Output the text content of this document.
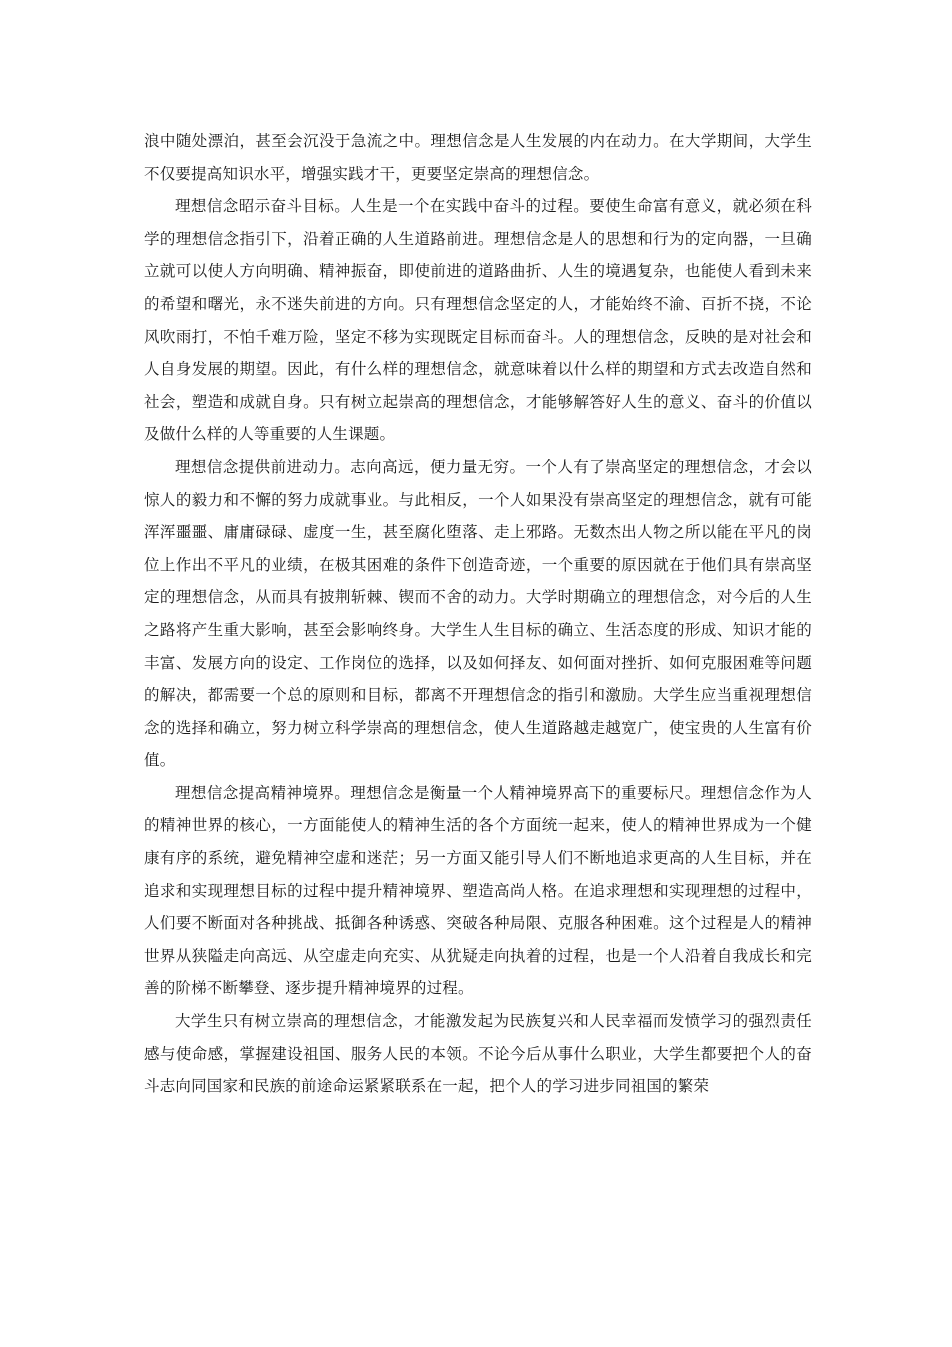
浪中随处漂泊，甚至会沉没于急流之中。理想信念是人生发展的内在动力。在大学期间，大学生不仅要提高知识水平，增强实践才干，更要坚定崇高的理想信念。

理想信念昭示奋斗目标。人生是一个在实践中奋斗的过程。要使生命富有意义，就必须在科学的理想信念指引下，沿着正确的人生道路前进。理想信念是人的思想和行为的定向器，一旦确立就可以使人方向明确、精神振奋，即使前进的道路曲折、人生的境遇复杂，也能使人看到未来的希望和曙光，永不迷失前进的方向。只有理想信念坚定的人，才能始终不渝、百折不挠，不论风吹雨打，不怕千难万险，坚定不移为实现既定目标而奋斗。人的理想信念，反映的是对社会和人自身发展的期望。因此，有什么样的理想信念，就意味着以什么样的期望和方式去改造自然和社会，塑造和成就自身。只有树立起崇高的理想信念，才能够解答好人生的意义、奋斗的价值以及做什么样的人等重要的人生课题。

理想信念提供前进动力。志向高远，便力量无穷。一个人有了崇高坚定的理想信念，才会以惊人的毅力和不懈的努力成就事业。与此相反，一个人如果没有崇高坚定的理想信念，就有可能浑浑噩噩、庸庸碌碌、虚度一生，甚至腐化堕落、走上邪路。无数杰出人物之所以能在平凡的岗位上作出不平凡的业绩，在极其困难的条件下创造奇迹，一个重要的原因就在于他们具有崇高坚定的理想信念，从而具有披荆斩棘、锲而不舍的动力。大学时期确立的理想信念，对今后的人生之路将产生重大影响，甚至会影响终身。大学生人生目标的确立、生活态度的形成、知识才能的丰富、发展方向的设定、工作岗位的选择，以及如何择友、如何面对挫折、如何克服困难等问题的解决，都需要一个总的原则和目标，都离不开理想信念的指引和激励。大学生应当重视理想信念的选择和确立，努力树立科学崇高的理想信念，使人生道路越走越宽广，使宝贵的人生富有价值。

理想信念提高精神境界。理想信念是衡量一个人精神境界高下的重要标尺。理想信念作为人的精神世界的核心，一方面能使人的精神生活的各个方面统一起来，使人的精神世界成为一个健康有序的系统，避免精神空虚和迷茫；另一方面又能引导人们不断地追求更高的人生目标，并在追求和实现理想目标的过程中提升精神境界、塑造高尚人格。在追求理想和实现理想的过程中，人们要不断面对各种挑战、抵御各种诱惑、突破各种局限、克服各种困难。这个过程是人的精神世界从狭隘走向高远、从空虚走向充实、从犹疑走向执着的过程，也是一个人沿着自我成长和完善的阶梯不断攀登、逐步提升精神境界的过程。

大学生只有树立崇高的理想信念，才能激发起为民族复兴和人民幸福而发愤学习的强烈责任感与使命感，掌握建设祖国、服务人民的本领。不论今后从事什么职业，大学生都要把个人的奋斗志向同国家和民族的前途命运紧紧联系在一起，把个人的学习进步同祖国的繁荣
